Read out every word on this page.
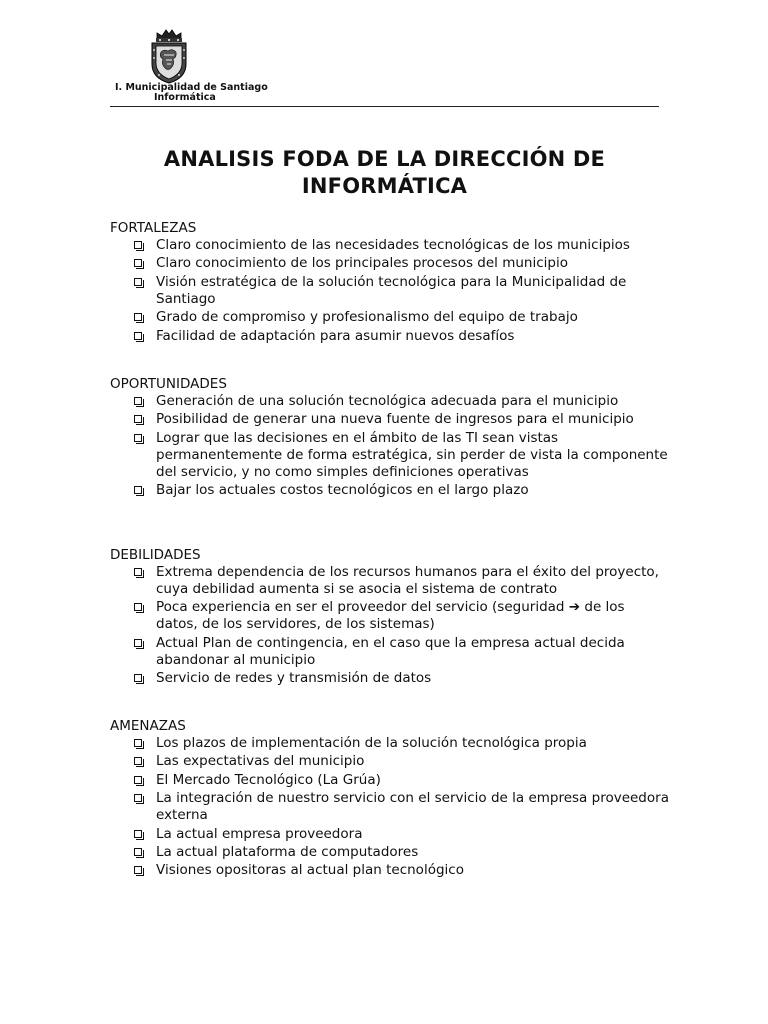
I. Municipalidad de Santiago
Informática
ANALISIS FODA DE LA DIRECCIÓN DE
INFORMÁTICA
FORTALEZAS
Claro conocimiento de las necesidades tecnológicas de los municipios
Claro conocimiento de los principales procesos del municipio
Visión estratégica de la solución tecnológica para la Municipalidad de Santiago
Grado de compromiso y profesionalismo del equipo de trabajo
Facilidad de adaptación para asumir nuevos desafíos
OPORTUNIDADES
Generación de una solución tecnológica adecuada para el municipio
Posibilidad de generar una nueva fuente de ingresos para el municipio
Lograr que las decisiones en el ámbito de las TI sean vistas permanentemente de forma estratégica, sin perder de vista la componente del servicio, y no como simples definiciones operativas
Bajar los actuales costos tecnológicos en el largo plazo
DEBILIDADES
Extrema dependencia de los recursos humanos para el éxito del proyecto, cuya debilidad aumenta si se asocia el sistema de contrato
Poca experiencia en ser el proveedor del servicio (seguridad ➔ de los datos, de los servidores, de los sistemas)
Actual Plan de contingencia, en el caso que la empresa actual decida abandonar al municipio
Servicio de redes y transmisión de datos
AMENAZAS
Los plazos de implementación de la solución tecnológica propia
Las expectativas del municipio
El Mercado Tecnológico (La Grúa)
La integración de nuestro servicio con el servicio de la empresa proveedora externa
La actual empresa proveedora
La actual plataforma de computadores
Visiones opositoras al actual plan tecnológico
